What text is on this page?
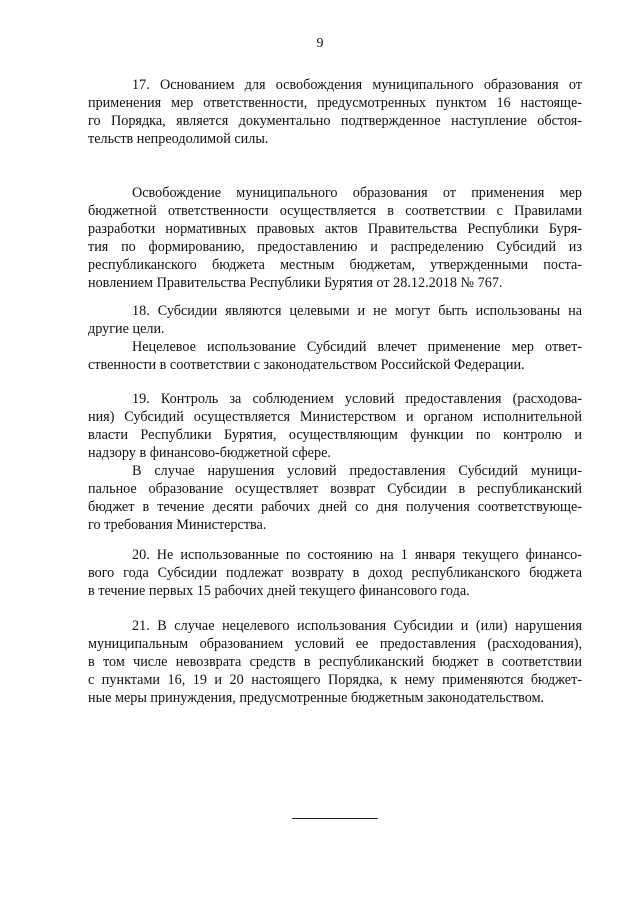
9
17. Основанием для освобождения муниципального образования от
применения мер ответственности, предусмотренных пунктом 16 настояще-
го Порядка, является документально подтвержденное наступление обстоя-
тельств непреодолимой силы.
Освобождение муниципального образования от применения мер
бюджетной ответственности осуществляется в соответствии с Правилами
разработки нормативных правовых актов Правительства Республики Буря-
тия по формированию, предоставлению и распределению Субсидий из
республиканского бюджета местным бюджетам, утвержденными поста-
новлением Правительства Республики Бурятия от 28.12.2018 № 767.
18. Субсидии являются целевыми и не могут быть использованы на
другие цели.
Нецелевое использование Субсидий влечет применение мер ответ-
ственности в соответствии с законодательством Российской Федерации.
19. Контроль за соблюдением условий предоставления (расходова-
ния) Субсидий осуществляется Министерством и органом исполнительной
власти Республики Бурятия, осуществляющим функции по контролю и
надзору в финансово-бюджетной сфере.
В случае нарушения условий предоставления Субсидий муници-
пальное образование осуществляет возврат Субсидии в республиканский
бюджет в течение десяти рабочих дней со дня получения соответствующе-
го требования Министерства.
20. Не использованные по состоянию на 1 января текущего финансо-
вого года Субсидии подлежат возврату в доход республиканского бюджета
в течение первых 15 рабочих дней текущего финансового года.
21. В случае нецелевого использования Субсидии и (или) нарушения
муниципальным образованием условий ее предоставления (расходования),
в том числе невозврата средств в республиканский бюджет в соответствии
с пунктами 16, 19 и 20 настоящего Порядка, к нему применяются бюджет-
ные меры принуждения, предусмотренные бюджетным законодательством.
